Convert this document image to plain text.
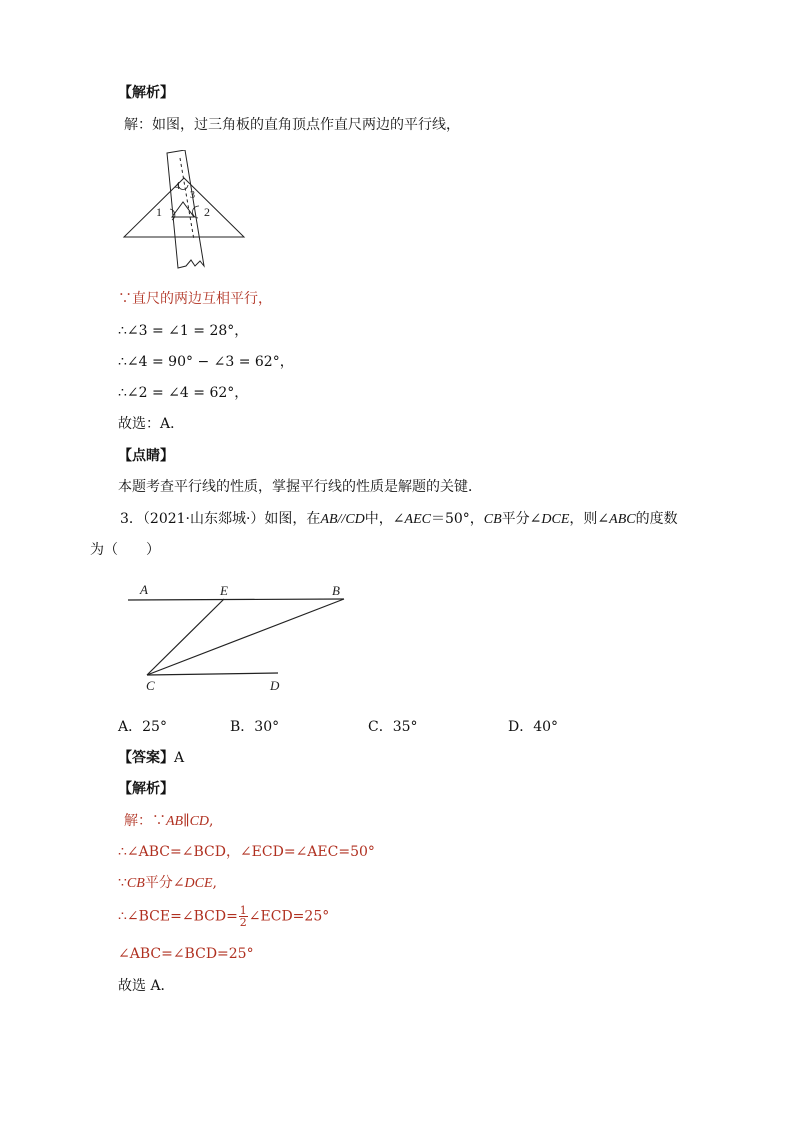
【解析】
解：如图，过三角板的直角顶点作直尺两边的平行线，
1	2
3
4
∵直尺的两边互相平行，
∴∠3 = ∠1 = 28°，
∴∠4 = 90° − ∠3 = 62°，
∴∠2 = ∠4 = 62°，
故选：A．
【点睛】
本题考查平行线的性质，掌握平行线的性质是解题的关键．
3．（2021·山东郯城·）如图，在AB//CD中，∠AEC＝50°，CB平分∠DCE，则∠ABC的度数
为（　　）
A	E	B
C	D
A．25°	B．30°	C．35°	D．40°
【答案】A
【解析】
解：∵AB∥CD,
∴∠ABC=∠BCD，∠ECD=∠AEC=50°
∵CB平分∠DCE,
∴∠BCE=∠BCD= $\frac{1}{2}$ ∠ECD=25°
∠ABC=∠BCD=25°
故选 A．
